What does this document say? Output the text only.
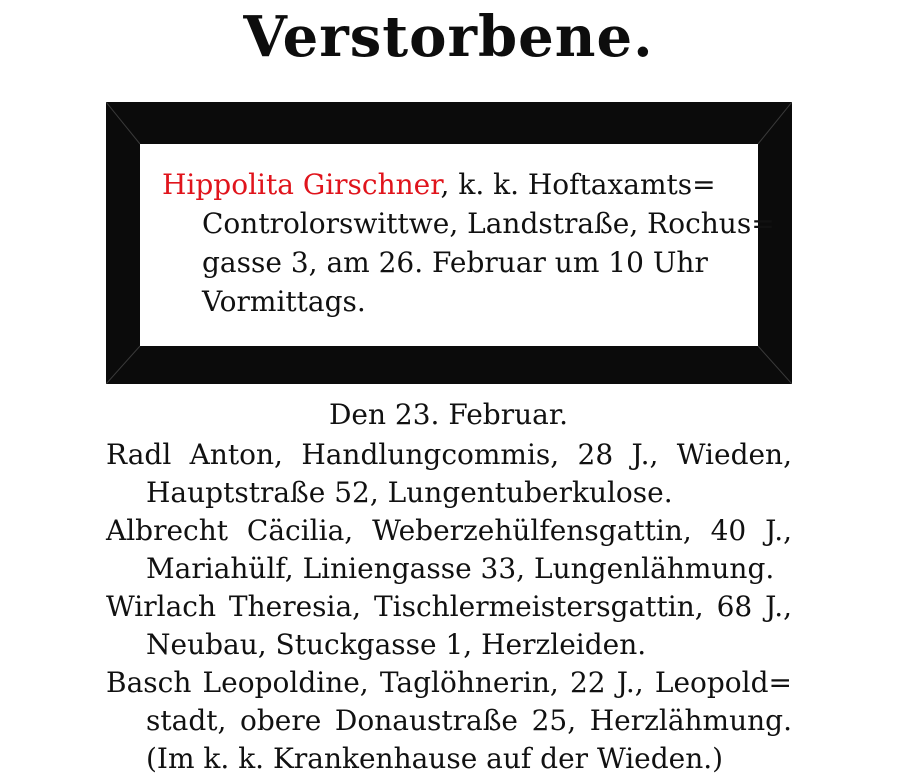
Verstorbene.
Hippolita Girschner, k. k. Hoftaxamts=
Controlorswittwe, Landstraße, Rochus=
gasse 3, am 26. Februar um 10 Uhr
Vormittags.
Den 23. Februar.
Radl Anton, Handlungcommis, 28 J., Wieden,
Hauptstraße 52, Lungentuberkulose.
Albrecht Cäcilia, Weberzehülfensgattin, 40 J.,
Mariahülf, Liniengasse 33, Lungenlähmung.
Wirlach Theresia, Tischlermeistersgattin, 68 J.,
Neubau, Stuckgasse 1, Herzleiden.
Basch Leopoldine, Taglöhnerin, 22 J., Leopold=
stadt, obere Donaustraße 25, Herzlähmung.
(Im k. k. Krankenhause auf der Wieden.)
